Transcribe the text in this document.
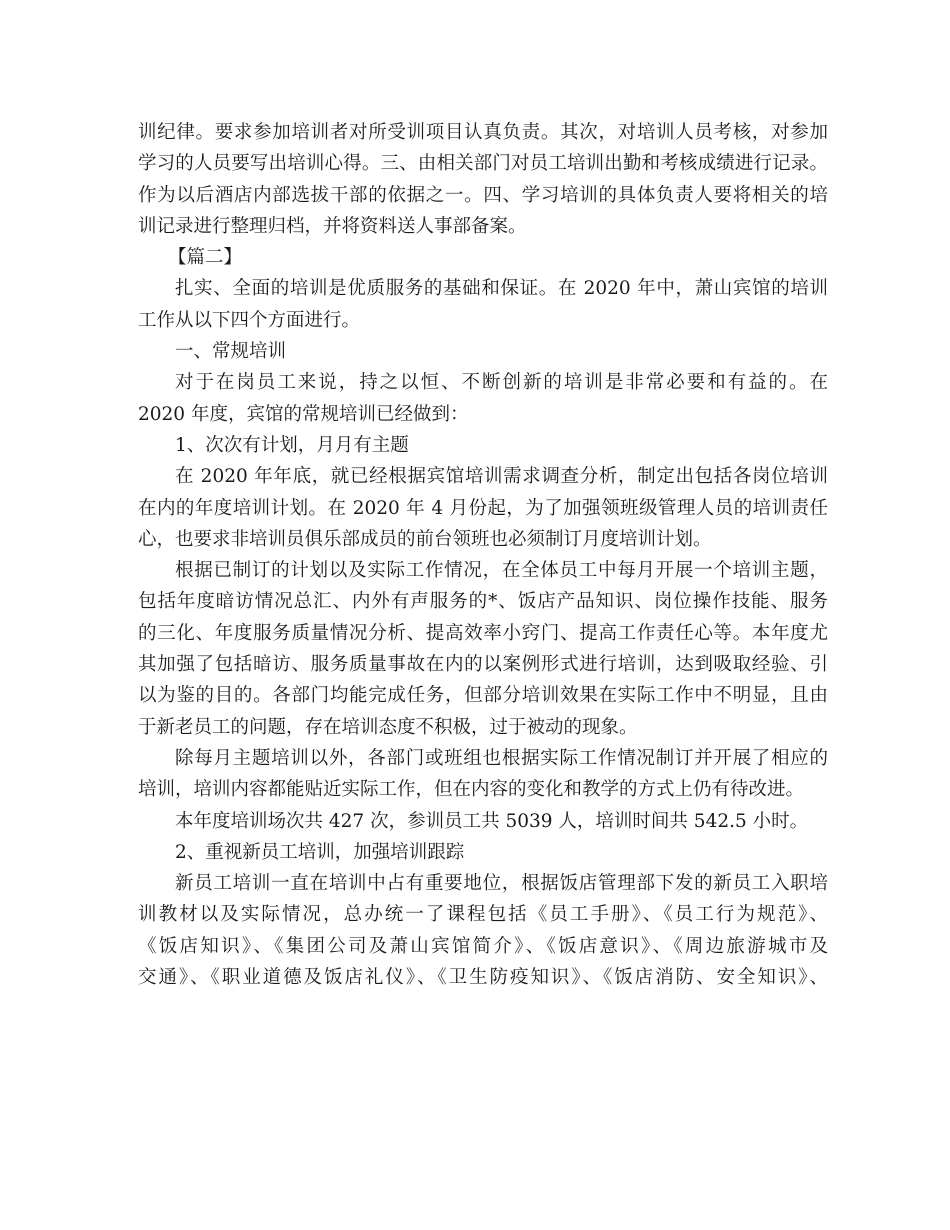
训纪律。要求参加培训者对所受训项目认真负责。其次，对培训人员考核，对参加
学习的人员要写出培训心得。三、由相关部门对员工培训出勤和考核成绩进行记录。
作为以后酒店内部选拔干部的依据之一。四、学习培训的具体负责人要将相关的培
训记录进行整理归档，并将资料送人事部备案。
【篇二】
扎实、全面的培训是优质服务的基础和保证。在 2020 年中，萧山宾馆的培训
工作从以下四个方面进行。
一、常规培训
对于在岗员工来说，持之以恒、不断创新的培训是非常必要和有益的。在
2020 年度，宾馆的常规培训已经做到：
1、次次有计划，月月有主题
在 2020 年年底，就已经根据宾馆培训需求调查分析，制定出包括各岗位培训
在内的年度培训计划。在 2020 年 4 月份起，为了加强领班级管理人员的培训责任
心，也要求非培训员俱乐部成员的前台领班也必须制订月度培训计划。
根据已制订的计划以及实际工作情况，在全体员工中每月开展一个培训主题，
包括年度暗访情况总汇、内外有声服务的*、饭店产品知识、岗位操作技能、服务
的三化、年度服务质量情况分析、提高效率小窍门、提高工作责任心等。本年度尤
其加强了包括暗访、服务质量事故在内的以案例形式进行培训，达到吸取经验、引
以为鉴的目的。各部门均能完成任务，但部分培训效果在实际工作中不明显，且由
于新老员工的问题，存在培训态度不积极，过于被动的现象。
除每月主题培训以外，各部门或班组也根据实际工作情况制订并开展了相应的
培训，培训内容都能贴近实际工作，但在内容的变化和教学的方式上仍有待改进。
本年度培训场次共 427 次，参训员工共 5039 人，培训时间共 542.5 小时。
2、重视新员工培训，加强培训跟踪
新员工培训一直在培训中占有重要地位，根据饭店管理部下发的新员工入职培
训教材以及实际情况，总办统一了课程包括《员工手册》、《员工行为规范》、
《饭店知识》、《集团公司及萧山宾馆简介》、《饭店意识》、《周边旅游城市及
交通》、《职业道德及饭店礼仪》、《卫生防疫知识》、《饭店消防、安全知识》、
